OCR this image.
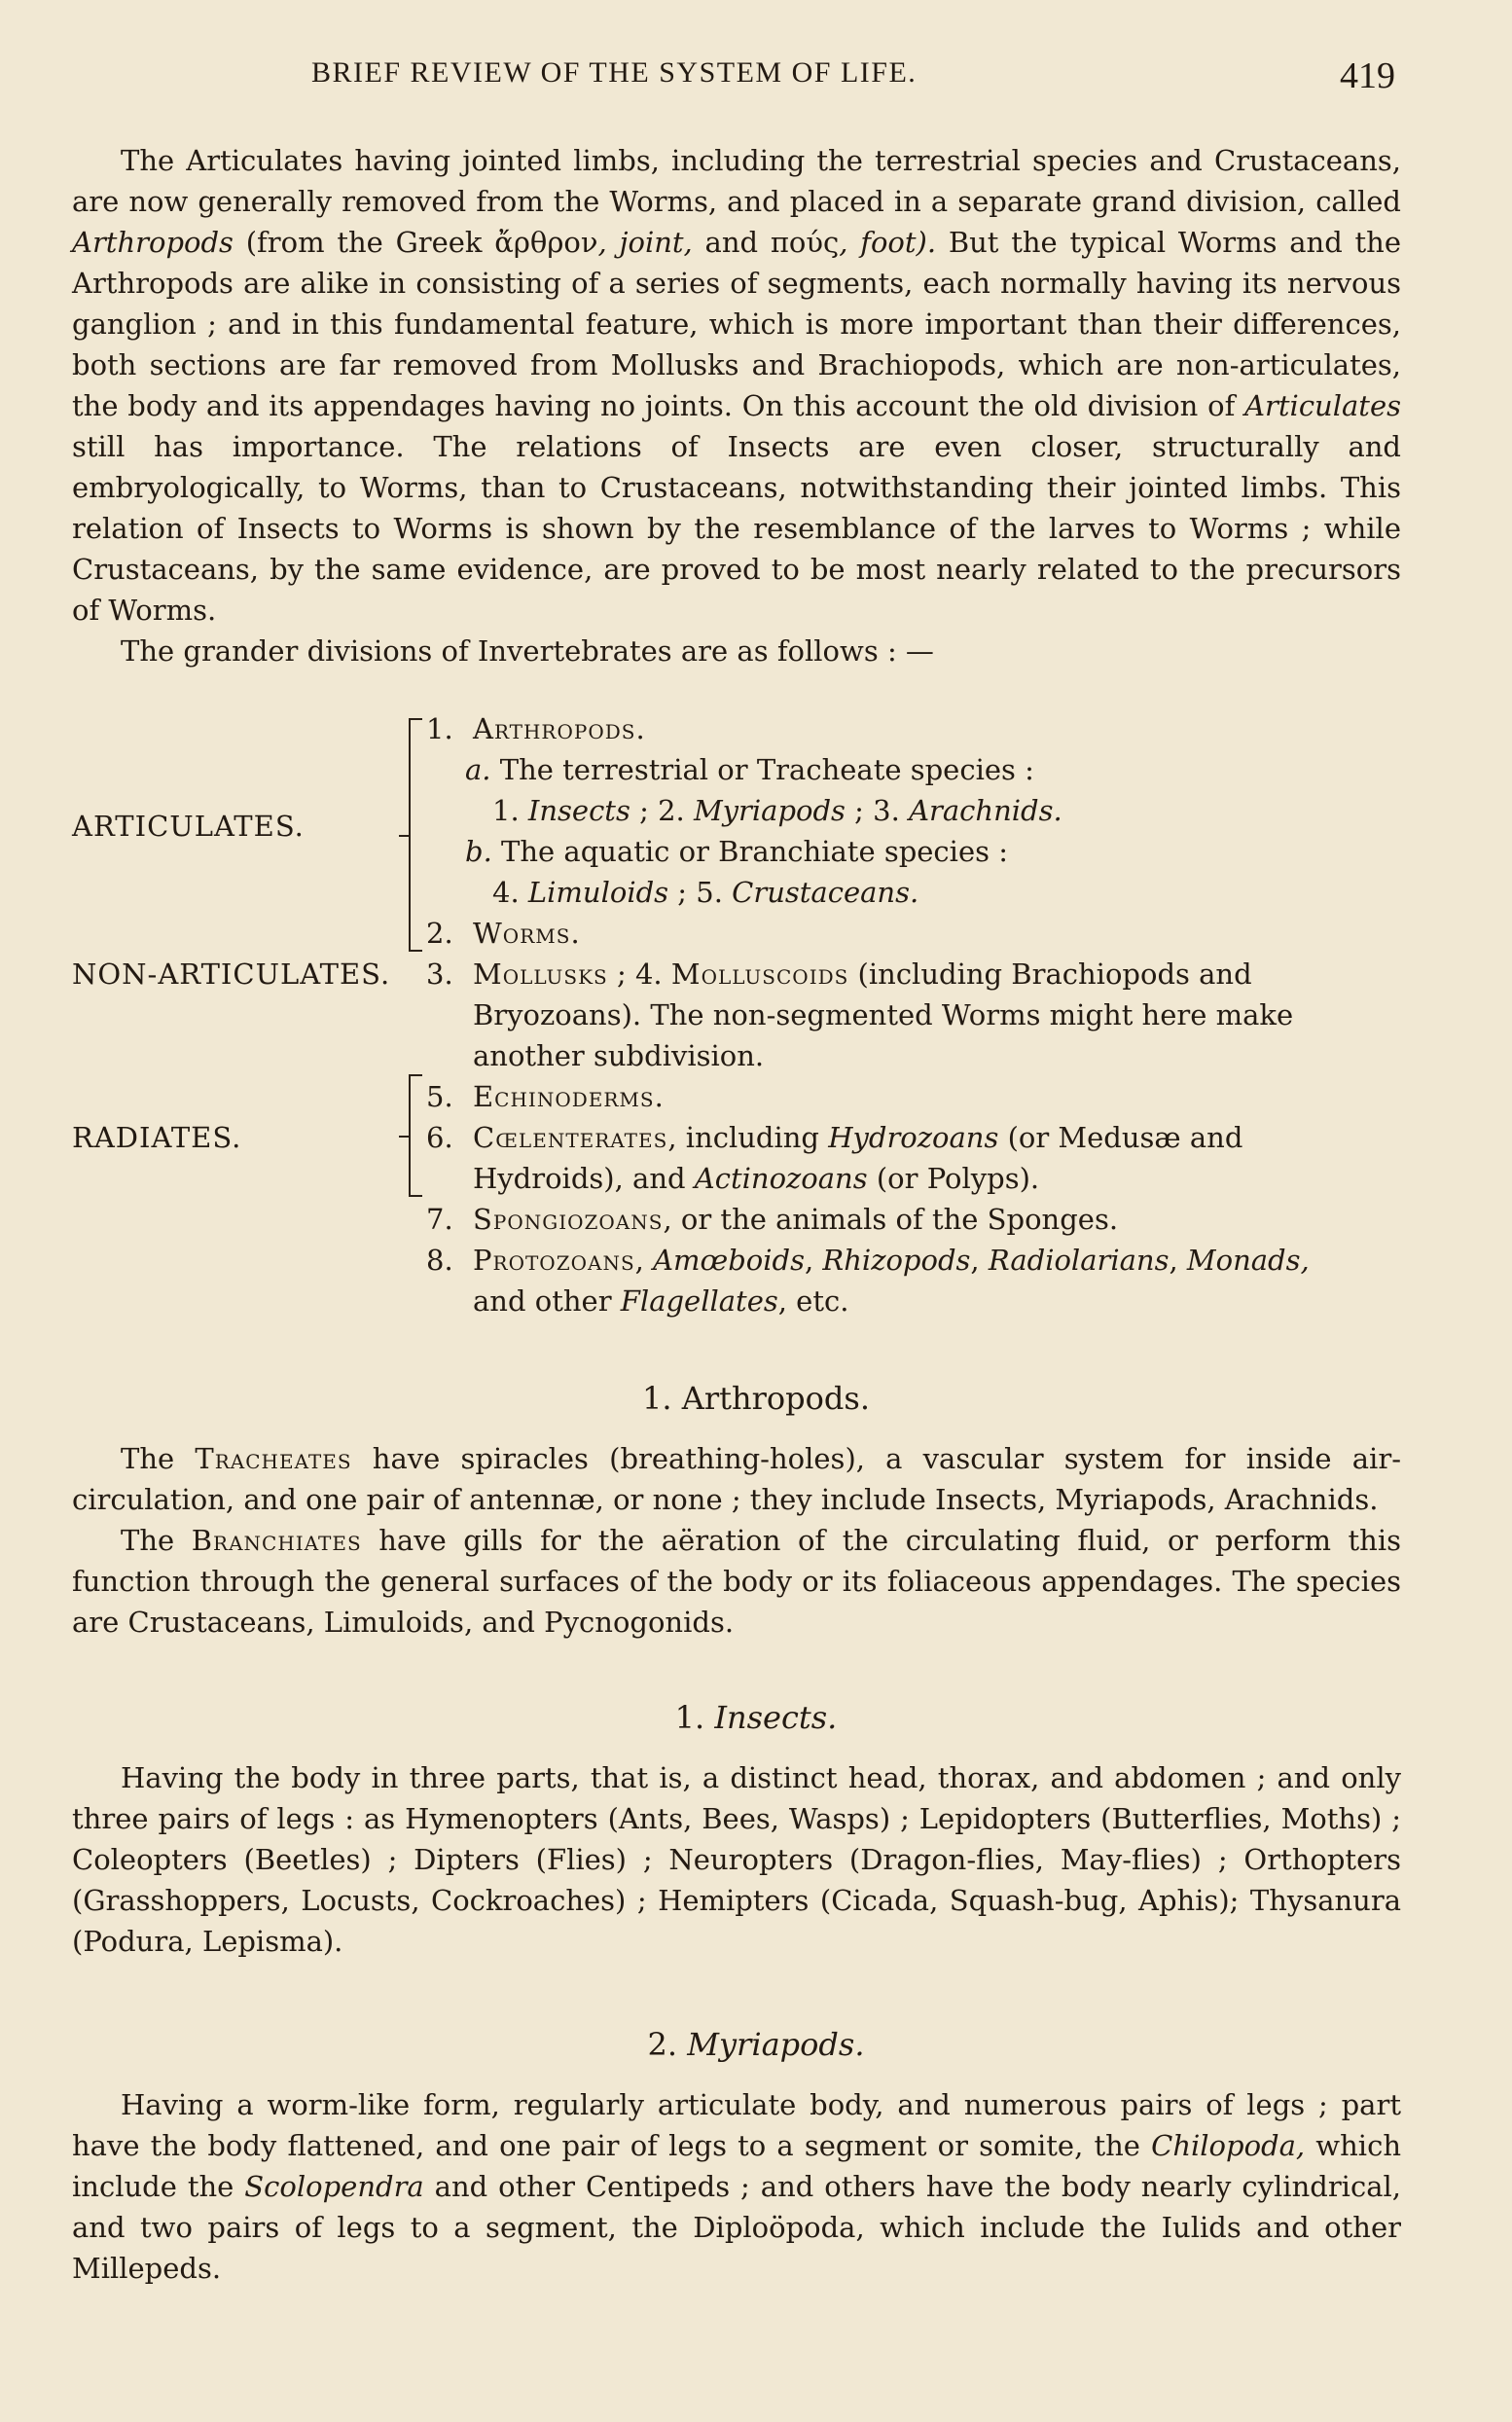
BRIEF REVIEW OF THE SYSTEM OF LIFE.	419

The Articulates having jointed limbs, including the terrestrial species and Crustaceans, are now generally removed from the Worms, and placed in a separate grand division, called Arthropods (from the Greek ἄρθρον, joint, and πούς, foot). But the typical Worms and the Arthropods are alike in consisting of a series of segments, each normally having its nervous ganglion ; and in this fundamental feature, which is more important than their differences, both sections are far removed from Mollusks and Brachiopods, which are non-articulates, the body and its appendages having no joints. On this account the old division of Articulates still has importance. The relations of Insects are even closer, structurally and embryologically, to Worms, than to Crustaceans, notwithstanding their jointed limbs. This relation of Insects to Worms is shown by the resemblance of the larves to Worms ; while Crustaceans, by the same evidence, are proved to be most nearly related to the precursors of Worms.

The grander divisions of Invertebrates are as follows : —

ARTICULATES.
NON-ARTICULATES.
RADIATES.
1. Arthropods.
a. The terrestrial or Tracheate species :
1. Insects ; 2. Myriapods ; 3. Arachnids.
b. The aquatic or Branchiate species :
4. Limuloids ; 5. Crustaceans.
2. Worms.
3. Mollusks ; 4. Molluscoids (including Brachiopods and
Bryozoans). The non-segmented Worms might here make
another subdivision.
5. Echinoderms.
6. Cœlenterates, including Hydrozoans (or Medusæ and
Hydroids), and Actinozoans (or Polyps).
7. Spongiozoans, or the animals of the Sponges.
8. Protozoans, Amœboids, Rhizopods, Radiolarians, Monads,
and other Flagellates, etc.
1. Arthropods.

The Tracheates have spiracles (breathing-holes), a vascular system for inside air-circulation, and one pair of antennæ, or none ; they include Insects, Myriapods, Arachnids.

The Branchiates have gills for the aëration of the circulating fluid, or perform this function through the general surfaces of the body or its foliaceous appendages. The species are Crustaceans, Limuloids, and Pycnogonids.

1. Insects.

Having the body in three parts, that is, a distinct head, thorax, and abdomen ; and only three pairs of legs : as Hymenopters (Ants, Bees, Wasps) ; Lepidopters (Butterflies, Moths) ; Coleopters (Beetles) ; Dipters (Flies) ; Neuropters (Dragon-flies, May-flies) ; Orthopters (Grasshoppers, Locusts, Cockroaches) ; Hemipters (Cicada, Squash-bug, Aphis); Thysanura (Podura, Lepisma).

2. Myriapods.

Having a worm-like form, regularly articulate body, and numerous pairs of legs ; part have the body flattened, and one pair of legs to a segment or somite, the Chilopoda, which include the Scolopendra and other Centipeds ; and others have the body nearly cylindrical, and two pairs of legs to a segment, the Diploöpoda, which include the Iulids and other Millepeds.
